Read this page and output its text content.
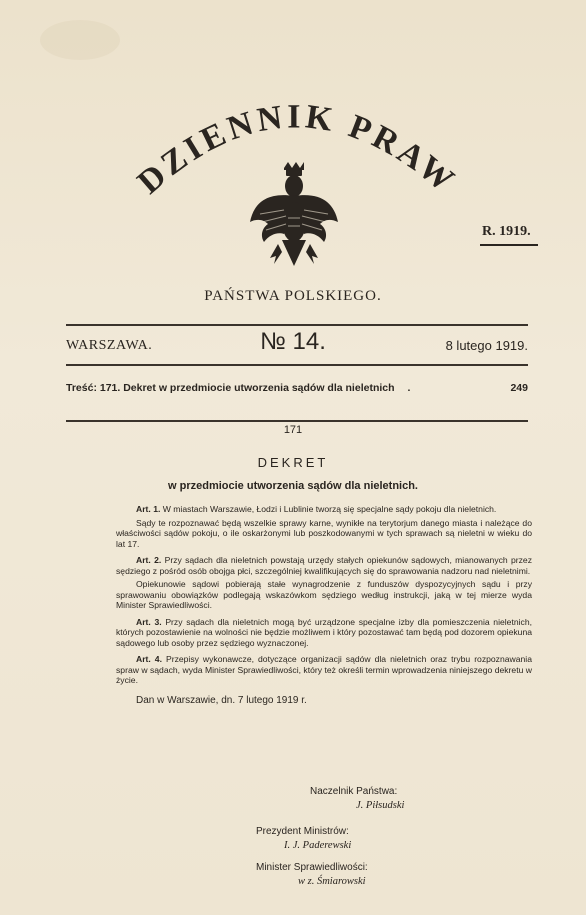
DZIENNIK PRAW
R. 1919.
PAŃSTWA POLSKIEGO.
WARSZAWA.	№ 14.	8 lutego 1919.
Treść: 171. Dekret w przedmiocie utworzenia sądów dla nieletnich .	249
171
DEKRET
w przedmiocie utworzenia sądów dla nieletnich.

Art. 1. W miastach Warszawie, Łodzi i Lublinie tworzą się specjalne sądy pokoju dla nieletnich.

Sądy te rozpoznawać będą wszelkie sprawy karne, wynikłe na terytorjum danego miasta i należące do właściwości sądów pokoju, o ile oskarżonymi lub poszkodowanymi w tych sprawach są nieletni w wieku do lat 17.

Art. 2. Przy sądach dla nieletnich powstają urzędy stałych opiekunów sądowych, mianowanych przez sędziego z pośród osób obojga płci, szczególniej kwalifikujących się do sprawowania nadzoru nad nieletnimi.

Opiekunowie sądowi pobierają stałe wynagrodzenie z funduszów dyspozycyjnych sądu i przy sprawowaniu obowiązków podlegają wskazówkom sędziego według instrukcji, jaką w tej mierze wyda Minister Sprawiedliwości.

Art. 3. Przy sądach dla nieletnich mogą być urządzone specjalne izby dla pomieszczenia nieletnich, których pozostawienie na wolności nie będzie możliwem i który pozostawać tam będą pod dozorem opiekuna sądowego lub osoby przez sędziego wyznaczonej.

Art. 4. Przepisy wykonawcze, dotyczące organizacji sądów dla nieletnich oraz trybu rozpoznawania spraw w sądach, wyda Minister Sprawiedliwości, który też określi termin wprowadzenia niniejszego dekretu w życie.

Dan w Warszawie, dn. 7 lutego 1919 r.

Naczelnik Państwa:
J. Piłsudski
Prezydent Ministrów:
I. J. Paderewski
Minister Sprawiedliwości:
w z. Śmiarowski
